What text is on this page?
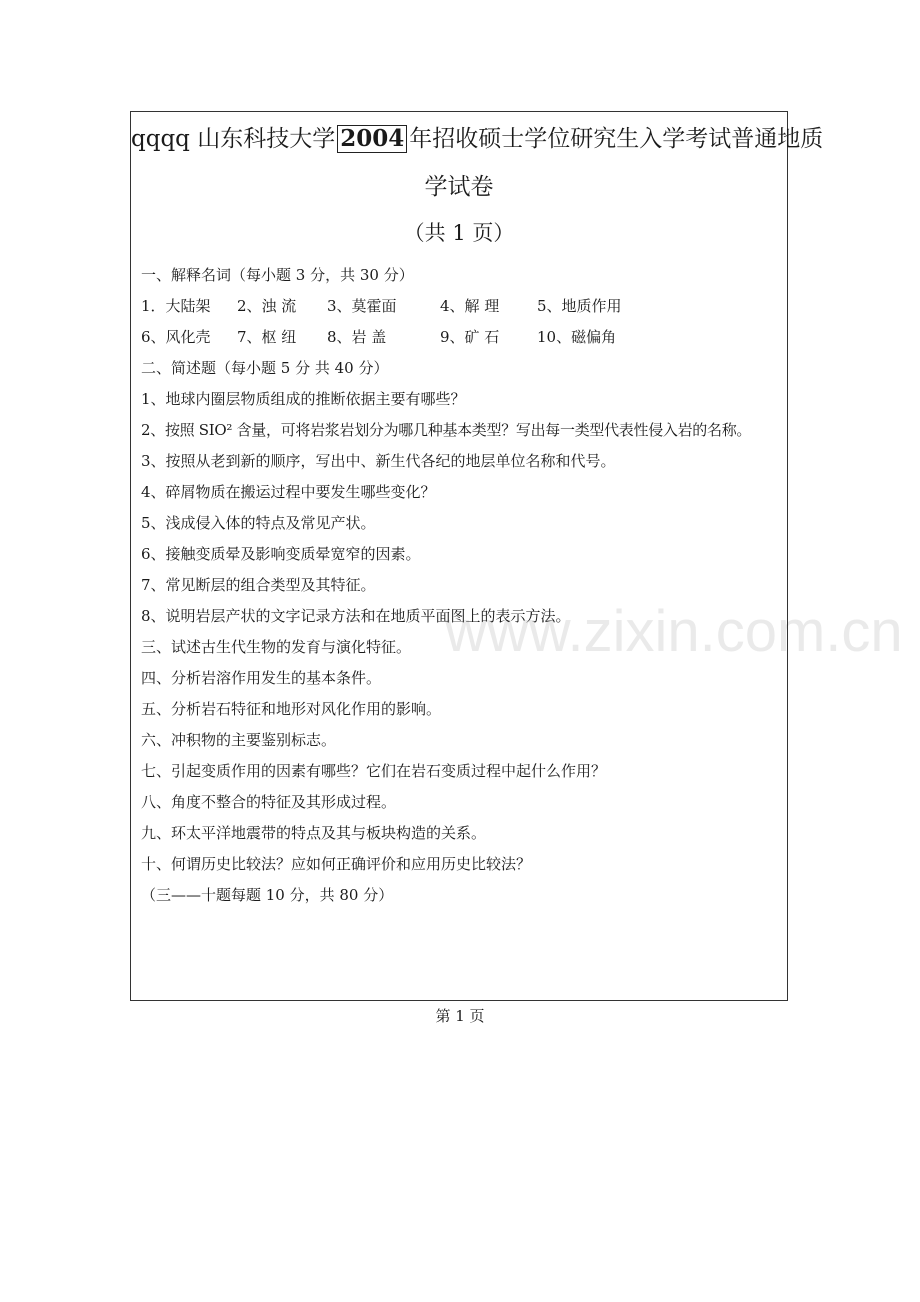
www.zixin.com.cn
qqqq 山东科技大学 2004 年招收硕士学位研究生入学考试普通地质
学试卷
（共 1 页）
一、解释名词（每小题 3 分，共 30 分）
1．大陆架 2、浊 流 3、莫霍面	4、解 理	5、地质作用
6、风化壳 7、枢 纽 8、岩 盖	9、矿 石	10、磁偏角
二、简述题（每小题 5 分 共 40 分）
1、地球内圈层物质组成的推断依据主要有哪些？
2、按照 SIO² 含量，可将岩浆岩划分为哪几种基本类型？写出每一类型代表性侵入岩的名称。
3、按照从老到新的顺序，写出中、新生代各纪的地层单位名称和代号。
4、碎屑物质在搬运过程中要发生哪些变化？
5、浅成侵入体的特点及常见产状。
6、接触变质晕及影响变质晕宽窄的因素。
7、常见断层的组合类型及其特征。
8、说明岩层产状的文字记录方法和在地质平面图上的表示方法。
三、试述古生代生物的发育与演化特征。
四、分析岩溶作用发生的基本条件。
五、分析岩石特征和地形对风化作用的影响。
六、冲积物的主要鉴别标志。
七、引起变质作用的因素有哪些？它们在岩石变质过程中起什么作用？
八、角度不整合的特征及其形成过程。
九、环太平洋地震带的特点及其与板块构造的关系。
十、何谓历史比较法？应如何正确评价和应用历史比较法？
（三——十题每题 10 分，共 80 分）
第 1 页
